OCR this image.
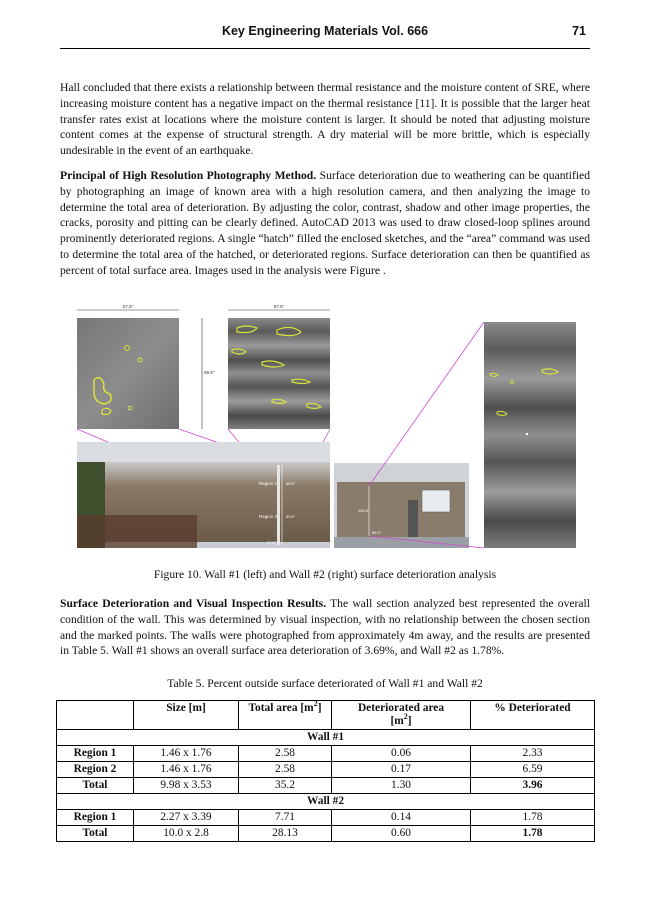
Key Engineering Materials Vol. 666	71

Hall concluded that there exists a relationship between thermal resistance and the moisture content of SRE, where increasing moisture content has a negative impact on the thermal resistance [11]. It is possible that the larger heat transfer rates exist at locations where the moisture content is larger. It should be noted that adjusting moisture content comes at the expense of structural strength. A dry material will be more brittle, which is especially undesirable in the event of an earthquake.

Principal of High Resolution Photography Method. Surface deterioration due to weathering can be quantified by photographing an image of known area with a high resolution camera, and then analyzing the image to determine the total area of deterioration. By adjusting the color, contrast, shadow and other image properties, the cracks, porosity and pitting can be clearly defined. AutoCAD 2013 was used to draw closed-loop splines around prominently deteriorated regions. A single “hatch” filled the enclosed sketches, and the “area” command was used to determine the total area of the hatched, or deteriorated regions. Surface deterioration can then be quantified as percent of total surface area. Images used in the analysis were Figure .

57.5"
69.5"
57.5"
Region 1
Region 2
69.5"
69.5"
57.5"
100.0"
89.3"
Figure 10. Wall #1 (left) and Wall #2 (right) surface deterioration analysis

Surface Deterioration and Visual Inspection Results. The wall section analyzed best represented the overall condition of the wall. This was determined by visual inspection, with no relationship between the chosen section and the marked points. The walls were photographed from approximately 4m away, and the results are presented in Table 5. Wall #1 shows an overall surface area deterioration of 3.69%, and Wall #2 as 1.78%.

Table 5. Percent outside surface deteriorated of Wall #1 and Wall #2
	Size [m]	Total area $[m^2]$	Deteriorated area
$[m^2]$	% Deteriorated
Wall #1				
Region 1	1.46 x 1.76	2.58	0.06	2.33
Region 2	1.46 x 1.76	2.58	0.17	6.59
Total	9.98 x 3.53	35.2	1.30	3.96
Wall #2				
Region 1	2.27 x 3.39	7.71	0.14	1.78
Total	10.0 x 2.8	28.13	0.60	1.78
